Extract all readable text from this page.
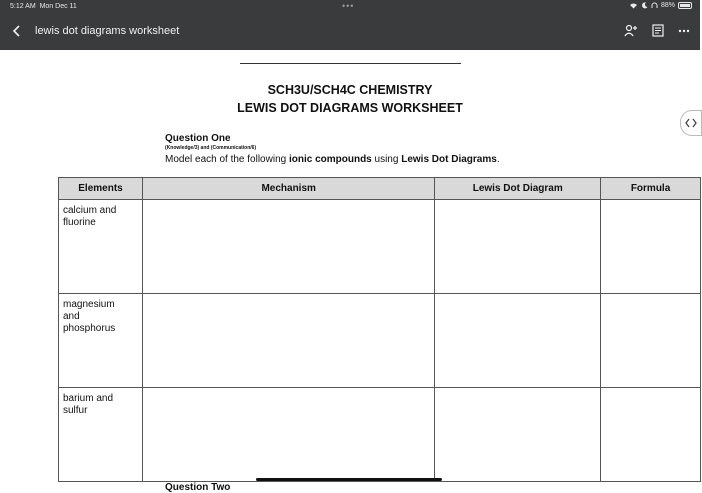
5:12 AM Mon Dec 11	•••	88%
lewis dot diagrams worksheet
SCH3U/SCH4C CHEMISTRY
LEWIS DOT DIAGRAMS WORKSHEET
Question One
(Knowledge/3) and (Communication/6)
Model each of the following ionic compounds using Lewis Dot Diagrams.
Elements	Mechanism	Lewis Dot Diagram	Formula
calcium and fluorine			
magnesium and phosphorus			
barium and sulfur			
Question Two
